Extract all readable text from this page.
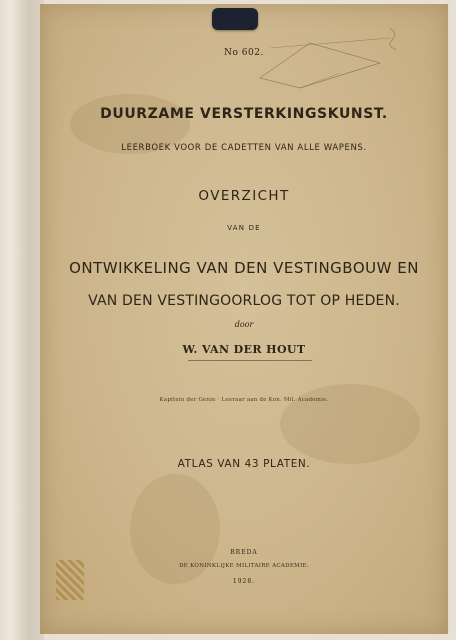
No 602.
DUURZAME VERSTERKINGSKUNST.
LEERBOEK VOOR DE CADETTEN VAN ALLE WAPENS.
OVERZICHT
VAN DE
ONTWIKKELING VAN DEN VESTINGBOUW EN
VAN DEN VESTINGOORLOG TOT OP HEDEN.
door
W. VAN DER HOUT
Kapitein der Genie · Leeraar aan de Kon. Mil. Academie.
ATLAS VAN 43 PLATEN.
BREDA
DE KONINKLIJKE MILITAIRE ACADEMIE.
1928.
